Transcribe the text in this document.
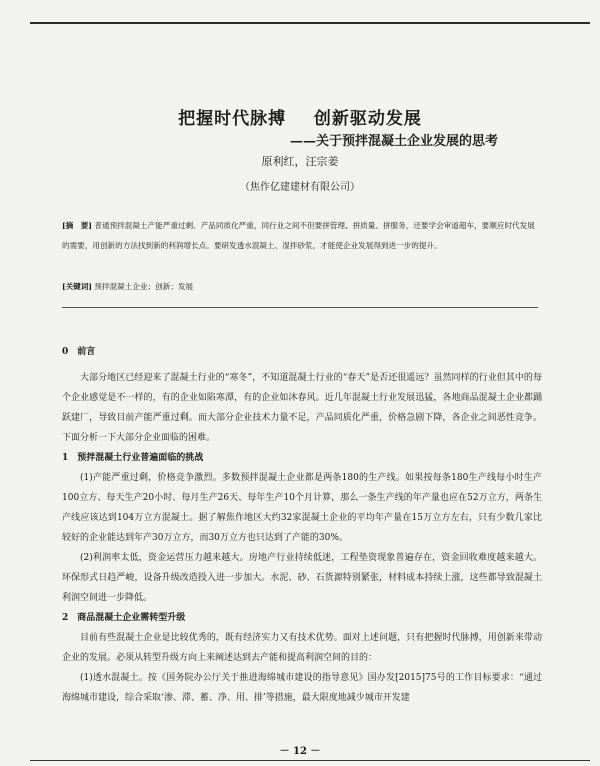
把握时代脉搏    创新驱动发展
——关于预拌混凝土企业发展的思考
原利红，汪宗姜
（焦作亿建建材有限公司）
[摘　要] 普通预拌混凝土产能严重过剩、产品同质化严重，同行业之间不但要拼管理、拼质量、拼服务，还要学会审道超车，要顺应时代发展的需要，用创新的方法找到新的利润增长点。要研发透水混凝土、湿拌砂浆，才能使企业发展得到进一步的提升。
[关键词] 预拌混凝土企业；创新；发展
0　前言

大部分地区已经迎来了混凝土行业的“寒冬”，不知道混凝土行业的“春天”是否还很遥远？虽然同样的行业但其中的每个企业感觉是不一样的，有的企业如陷寒潭，有的企业如沐春风。近几年混凝土行业发展迅猛，各地商品混凝土企业都踊跃建厂，导致目前产能严重过剩。而大部分企业技术力量不足，产品同质化严重，价格急剧下降，各企业之间恶性竞争。下面分析一下大部分企业面临的困难。

1　预拌混凝土行业普遍面临的挑战

(1)产能严重过剩，价格竞争激烈。多数预拌混凝土企业都是两条180的生产线。如果按每条180生产线每小时生产100立方、每天生产20小时、每月生产26天、每年生产10个月计算，那么一条生产线的年产量也应在52万立方，两条生产线应该达到104万立方混凝土。据了解焦作地区大约32家混凝土企业的平均年产量在15万立方左右，只有少数几家比较好的企业能达到年产30万立方，而30万立方也只达到了产能的30%。

(2)利润率太低，资金运营压力越来越大。房地产行业持续低迷，工程垫资现象普遍存在，资金回收难度越来越大。环保形式日趋严峻，设备升级改造投入进一步加大。水泥、砂、石货源特别紧张，材料成本持续上涨，这些都导致混凝土利润空间进一步降低。

2　商品混凝土企业需转型升级

目前有些混凝土企业是比较优秀的，既有经济实力又有技术优势。面对上述问题，只有把握时代脉搏，用创新来带动企业的发展。必须从转型升级方向上来阐述达到去产能和提高利润空间的目的：

(1)透水混凝土。按《国务院办公厅关于推进海绵城市建设的指导意见》国办发[2015]75号的工作目标要求：“通过海绵城市建设，综合采取‘渗、滞、蓄、净、用、排’等措施，最大限度地减少城市开发建

－ 12 －
